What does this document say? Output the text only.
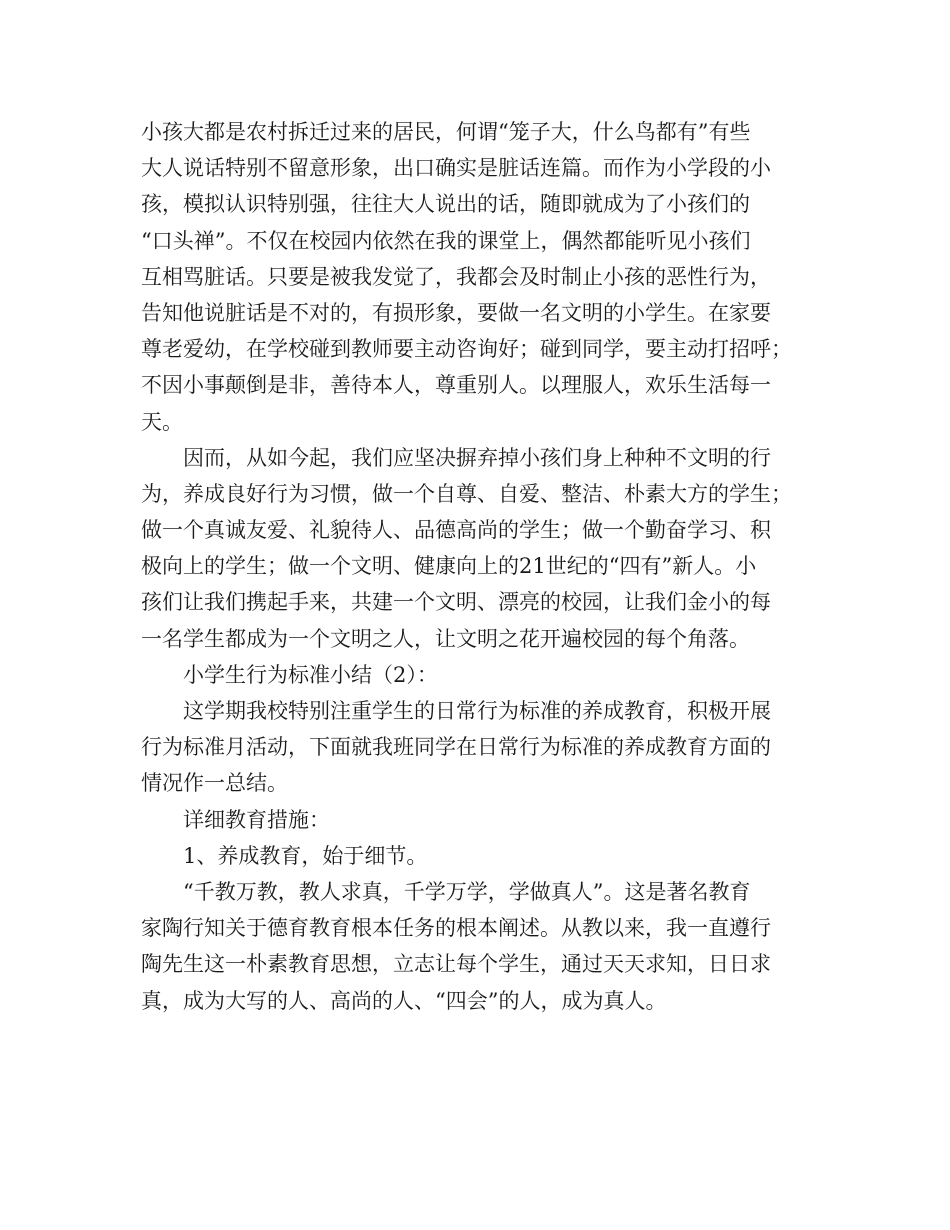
小孩大都是农村拆迁过来的居民，何谓“笼子大，什么鸟都有”有些
大人说话特别不留意形象，出口确实是脏话连篇。而作为小学段的小
孩，模拟认识特别强，往往大人说出的话，随即就成为了小孩们的
“口头禅”。不仅在校园内依然在我的课堂上，偶然都能听见小孩们
互相骂脏话。只要是被我发觉了，我都会及时制止小孩的恶性行为，
告知他说脏话是不对的，有损形象，要做一名文明的小学生。在家要
尊老爱幼，在学校碰到教师要主动咨询好；碰到同学，要主动打招呼；
不因小事颠倒是非，善待本人，尊重别人。以理服人，欢乐生活每一
天。
因而，从如今起，我们应坚决摒弃掉小孩们身上种种不文明的行
为，养成良好行为习惯，做一个自尊、自爱、整洁、朴素大方的学生；
做一个真诚友爱、礼貌待人、品德高尚的学生；做一个勤奋学习、积
极向上的学生；做一个文明、健康向上的21世纪的“四有”新人。小
孩们让我们携起手来，共建一个文明、漂亮的校园，让我们金小的每
一名学生都成为一个文明之人，让文明之花开遍校园的每个角落。
小学生行为标准小结（2）：
这学期我校特别注重学生的日常行为标准的养成教育，积极开展
行为标准月活动，下面就我班同学在日常行为标准的养成教育方面的
情况作一总结。
详细教育措施：
1、养成教育，始于细节。
“千教万教，教人求真，千学万学，学做真人”。这是著名教育
家陶行知关于德育教育根本任务的根本阐述。从教以来，我一直遵行
陶先生这一朴素教育思想，立志让每个学生，通过天天求知，日日求
真，成为大写的人、高尚的人、“四会”的人，成为真人。
